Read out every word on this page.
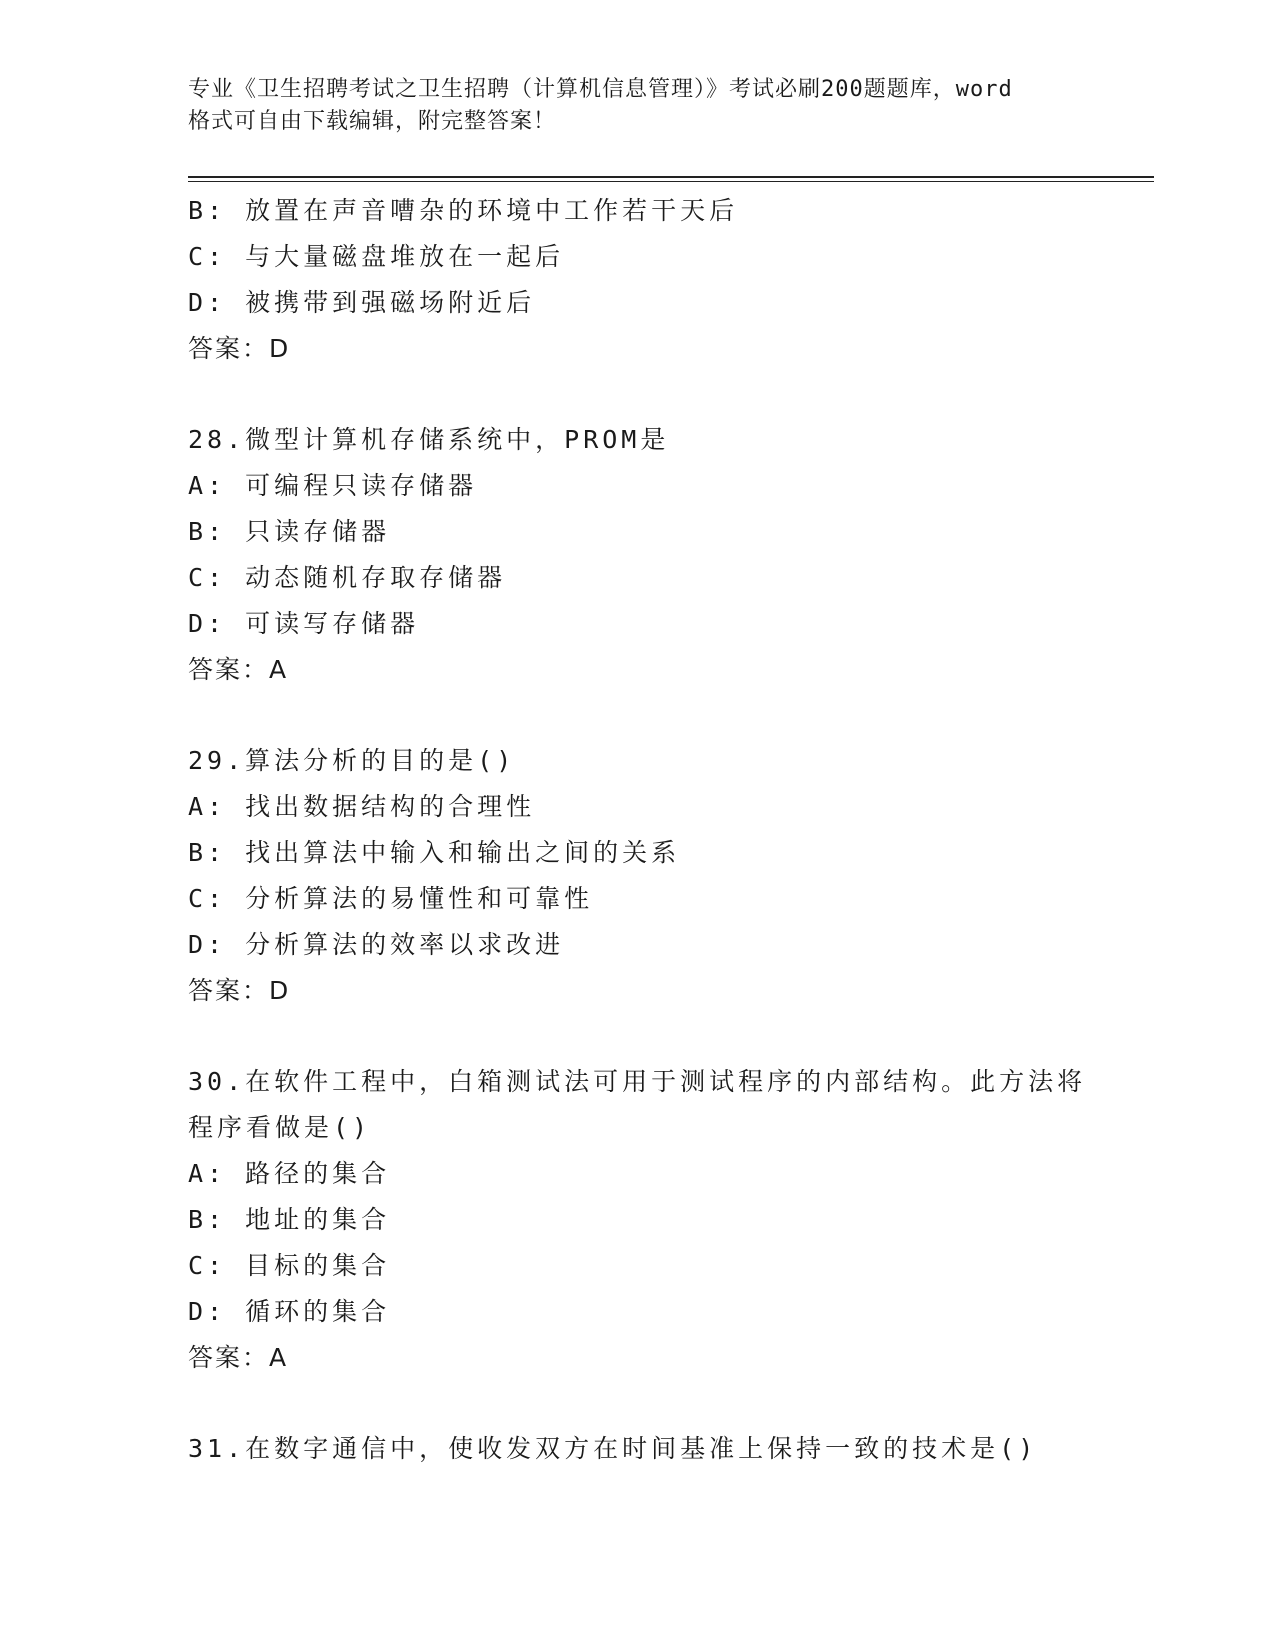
专业《卫生招聘考试之卫生招聘（计算机信息管理）》考试必刷200题题库，word
格式可自由下载编辑，附完整答案！
B: 放置在声音嘈杂的环境中工作若干天后
C: 与大量磁盘堆放在一起后
D: 被携带到强磁场附近后
答案：D
28.微型计算机存储系统中，PROM是
A: 可编程只读存储器
B: 只读存储器
C: 动态随机存取存储器
D: 可读写存储器
答案：A
29.算法分析的目的是()
A: 找出数据结构的合理性
B: 找出算法中输入和输出之间的关系
C: 分析算法的易懂性和可靠性
D: 分析算法的效率以求改进
答案：D
30.在软件工程中，白箱测试法可用于测试程序的内部结构。此方法将
程序看做是()
A: 路径的集合
B: 地址的集合
C: 目标的集合
D: 循环的集合
答案：A
31.在数字通信中，使收发双方在时间基准上保持一致的技术是()
